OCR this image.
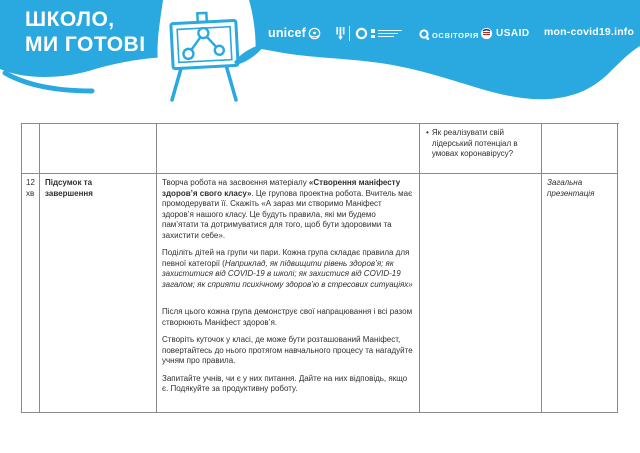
ШКОЛО,
МИ ГОТОВІ	unicef	ОСВІТОРІЯ USAID mon-covid19.info
• Як реалізувати свій лідерський потенціал в умовах коронавірусу?
12 хв
Підсумок та завершення

Творча робота на засвоєння матеріалу «Створення маніфесту здоров’я свого класу». Це групова проектна робота. Вчитель має промодерувати її. Скажіть «А зараз ми створимо Маніфест здоров’я нашого класу. Це будуть правила, які ми будемо пам’ятати та дотримуватися для того, щоб бути здоровими та захистити себе».

Поділіть дітей на групи чи пари. Кожна група складає правила для певної категорії (Наприклад, як підвищити рівень здоров’я; як захиститися від COVID-19 в школі; як захистися від COVID-19 загалом; як сприяти психічному здоров’ю в стресових ситуаціях»

Після цього кожна група демонструє свої напрацювання і всі разом створюють Маніфест здоров’я.

Створіть куточок у класі, де може бути розташований Маніфест, повертайтесь до нього протягом навчального процесу та нагадуйте учням про правила.

Запитайте учнів, чи є у них питання. Дайте на них відповідь, якщо є. Подякуйте за продуктивну роботу.

Загальна презентація
